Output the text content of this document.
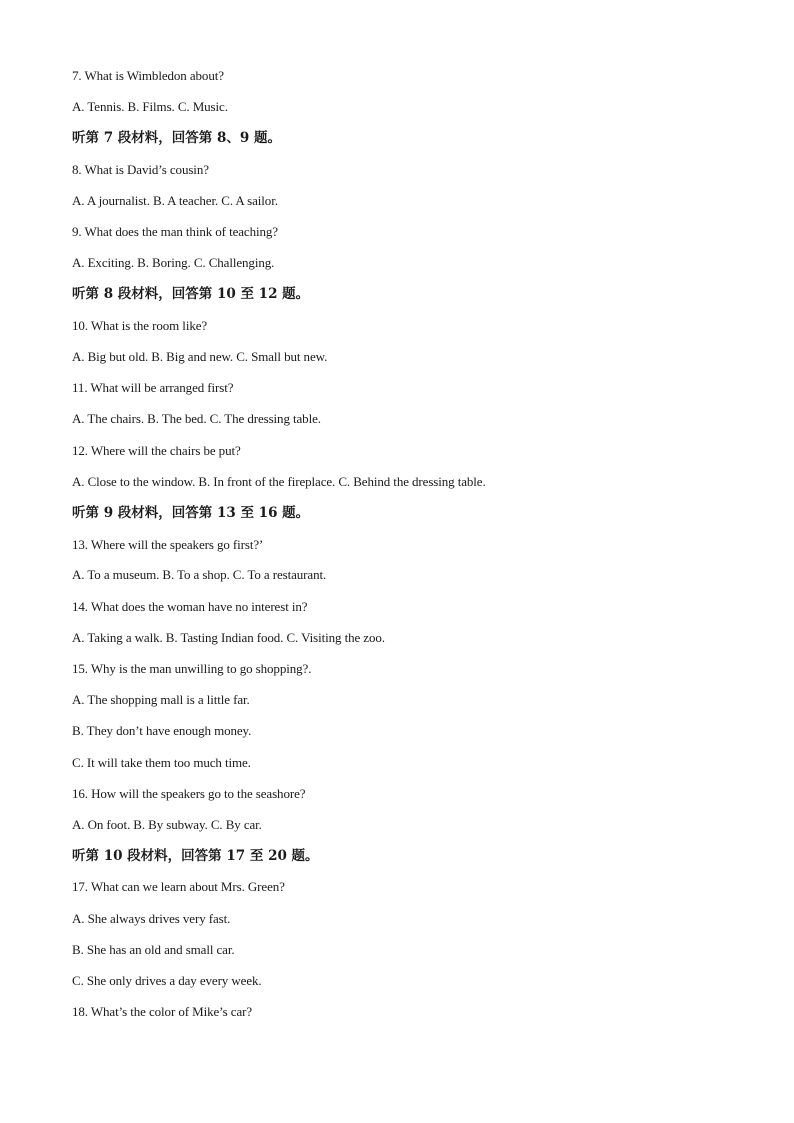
7. What is Wimbledon about?
A. Tennis. B. Films. C. Music.
听第 7 段材料，回答第 8、9 题。
8. What is David’s cousin?
A. A journalist. B. A teacher. C. A sailor.
9. What does the man think of teaching?
A. Exciting. B. Boring. C. Challenging.
听第 8 段材料，回答第 10 至 12 题。
10. What is the room like?
A. Big but old. B. Big and new. C. Small but new.
11. What will be arranged first?
A. The chairs. B. The bed. C. The dressing table.
12. Where will the chairs be put?
A. Close to the window. B. In front of the fireplace. C. Behind the dressing table.
听第 9 段材料，回答第 13 至 16 题。
13. Where will the speakers go first?’
A. To a museum. B. To a shop. C. To a restaurant.
14. What does the woman have no interest in?
A. Taking a walk. B. Tasting Indian food. C. Visiting the zoo.
15. Why is the man unwilling to go shopping?.
A. The shopping mall is a little far.
B. They don’t have enough money.
C. It will take them too much time.
16. How will the speakers go to the seashore?
A. On foot. B. By subway. C. By car.
听第 10 段材料，回答第 17 至 20 题。
17. What can we learn about Mrs. Green?
A. She always drives very fast.
B. She has an old and small car.
C. She only drives a day every week.
18. What’s the color of Mike’s car?
